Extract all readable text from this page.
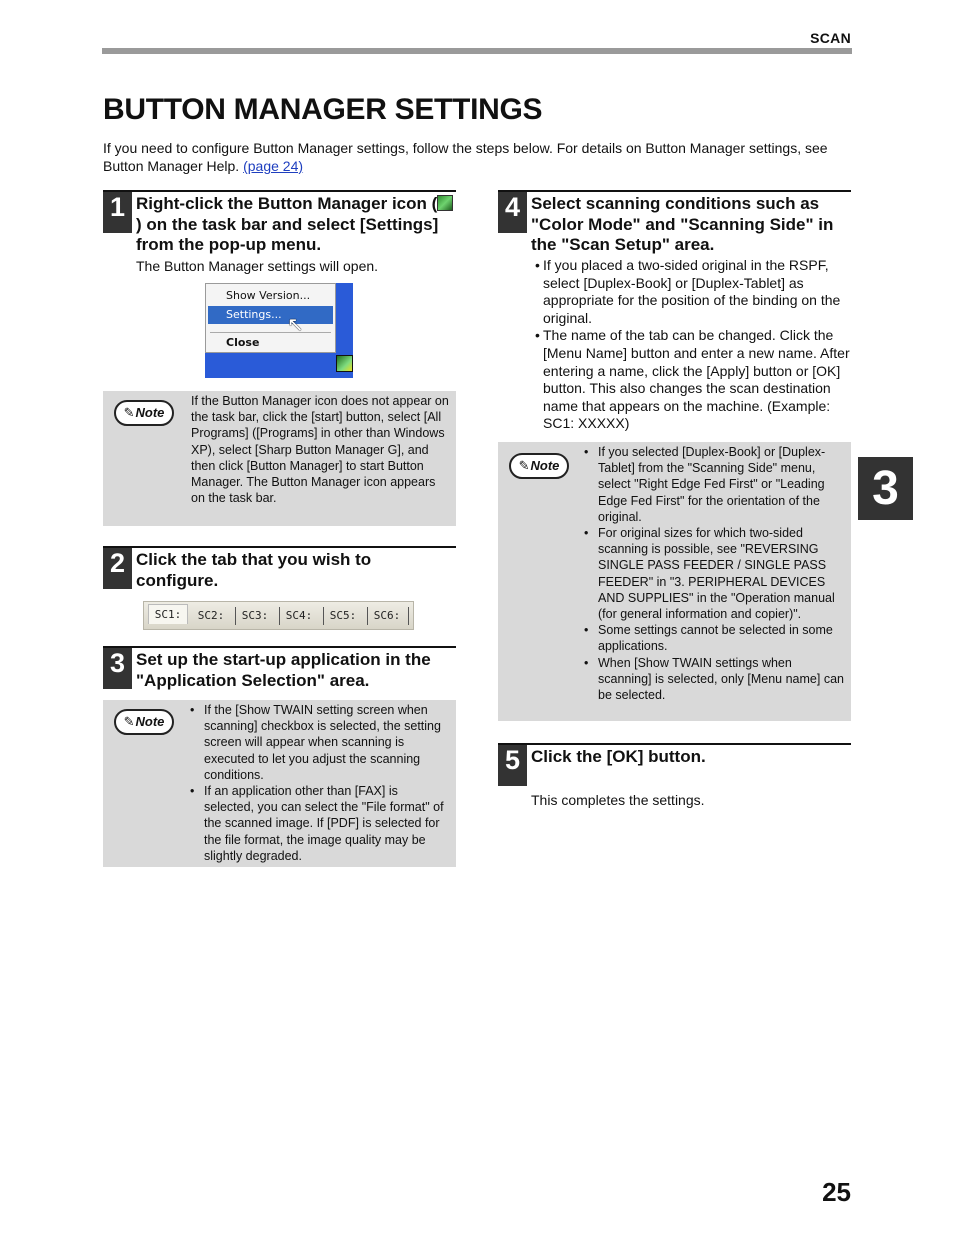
SCAN
BUTTON MANAGER SETTINGS
If you need to configure Button Manager settings, follow the steps below. For details on Button Manager settings, see Button Manager Help. (page 24)
1 Right-click the Button Manager icon () on the task bar and select [Settings] from the pop-up menu.
The Button Manager settings will open.
Show Version...
Settings...
Close
↖
✎Note
If the Button Manager icon does not appear on the task bar, click the [start] button, select [All Programs] ([Programs] in other than Windows XP), select [Sharp Button Manager G], and then click [Button Manager] to start Button Manager. The Button Manager icon appears on the task bar.
2 Click the tab that you wish to configure.
SC1:	SC2:	SC3:	SC4:	SC5:	SC6:
3 Set up the start-up application in the "Application Selection" area.
✎Note
• If the [Show TWAIN setting screen when scanning] checkbox is selected, the setting screen will appear when scanning is executed to let you adjust the scanning conditions.
• If an application other than [FAX] is selected, you can select the "File format" of the scanned image. If [PDF] is selected for the file format, the image quality may be slightly degraded.
4 Select scanning conditions such as "Color Mode" and "Scanning Side" in the "Scan Setup" area.
• If you placed a two-sided original in the RSPF, select [Duplex-Book] or [Duplex-Tablet] as appropriate for the position of the binding on the original.
• The name of the tab can be changed. Click the [Menu Name] button and enter a new name. After entering a name, click the [Apply] button or [OK] button. This also changes the scan destination name that appears on the machine. (Example: SC1: XXXXX)
✎Note
• If you selected [Duplex-Book] or [Duplex-Tablet] from the "Scanning Side" menu, select "Right Edge Fed First" or "Leading Edge Fed First" for the orientation of the original.
• For original sizes for which two-sided scanning is possible, see "REVERSING SINGLE PASS FEEDER / SINGLE PASS FEEDER" in "3. PERIPHERAL DEVICES AND SUPPLIES" in the "Operation manual (for general information and copier)".
• Some settings cannot be selected in some applications.
• When [Show TWAIN settings when scanning] is selected, only [Menu name] can be selected.
5 Click the [OK] button.
This completes the settings.
3
25
